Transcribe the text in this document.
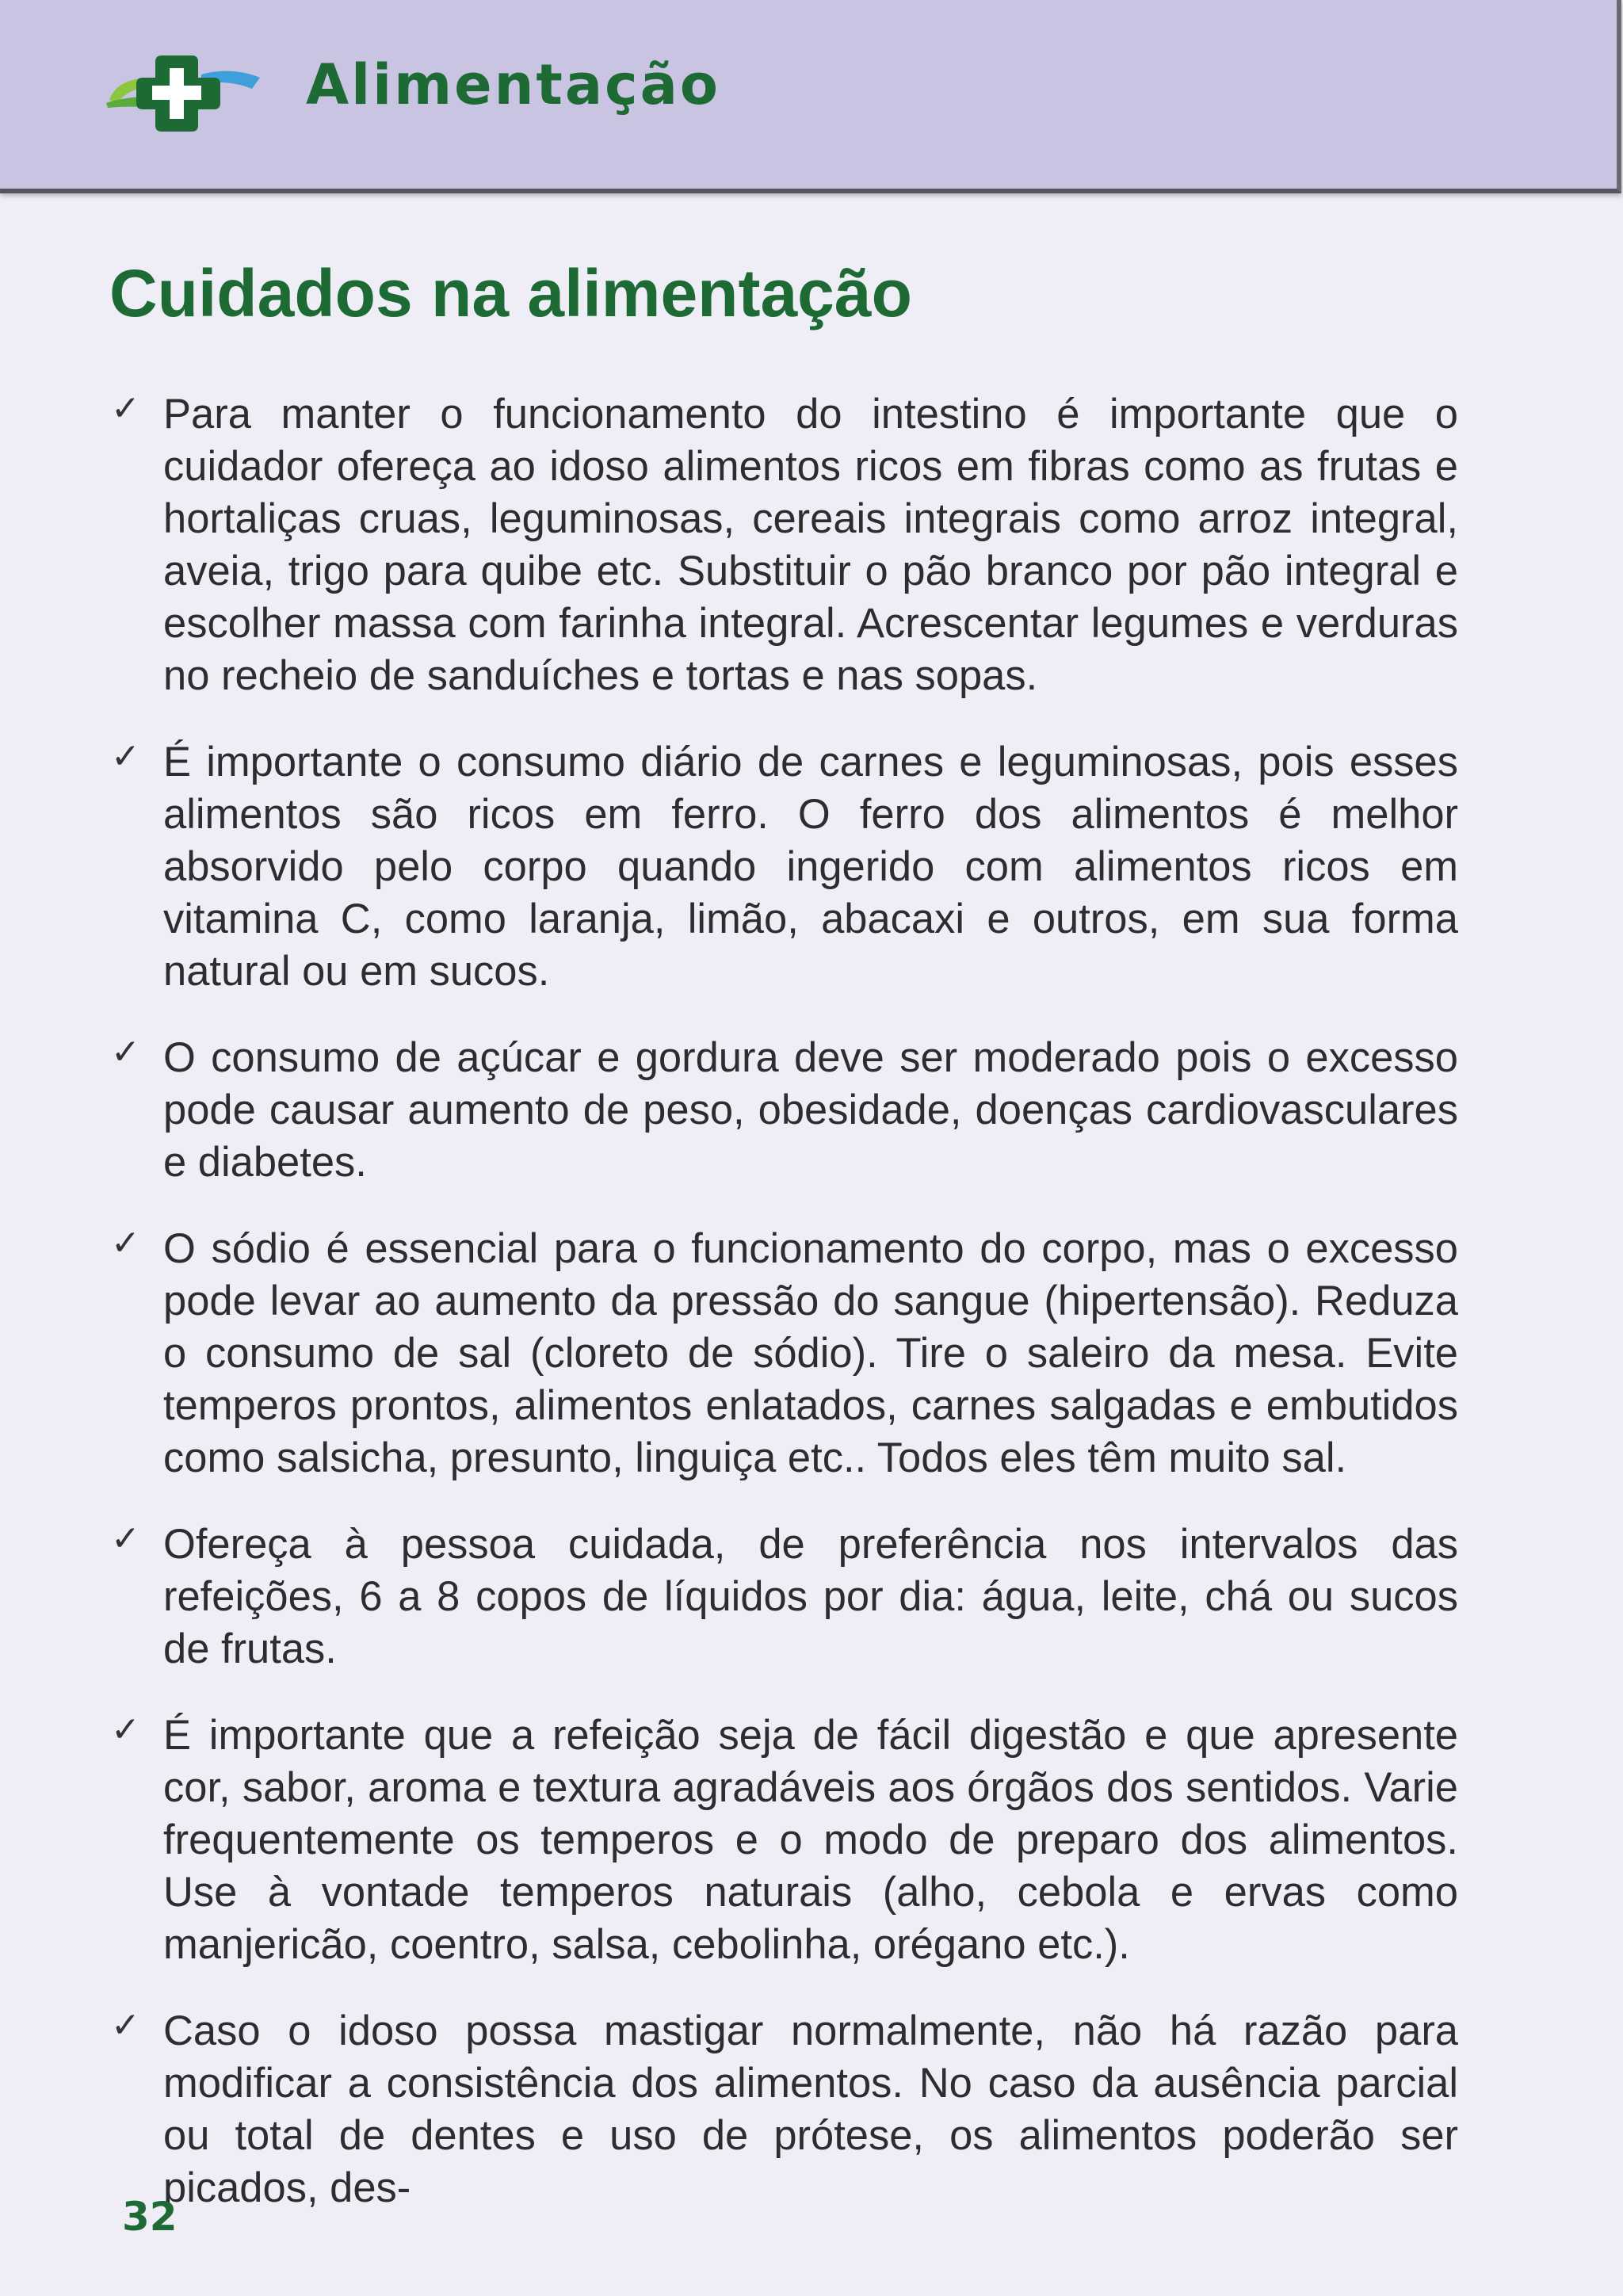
Alimentação
Cuidados na alimentação
✓ Para manter o funcionamento do intestino é importante que o cuidador ofereça ao idoso alimentos ricos em fibras como as frutas e hortaliças cruas, leguminosas, cereais integrais como arroz integral, aveia, trigo para quibe etc. Substituir o pão branco por pão integral e escolher massa com farinha integral. Acrescentar legumes e verduras no recheio de sanduíches e tortas e nas sopas.
✓ É importante o consumo diário de carnes e leguminosas, pois esses alimentos são ricos em ferro. O ferro dos alimentos é melhor absorvido pelo corpo quando ingerido com alimentos ricos em vitamina C, como laranja, limão, abacaxi e outros, em sua forma natural ou em sucos.
✓ O consumo de açúcar e gordura deve ser moderado pois o excesso pode causar aumento de peso, obesidade, doenças cardiovasculares e diabetes.
✓ O sódio é essencial para o funcionamento do corpo, mas o excesso pode levar ao aumento da pressão do sangue (hipertensão). Reduza o consumo de sal (cloreto de sódio). Tire o saleiro da mesa. Evite temperos prontos, alimentos enlatados, carnes salgadas e embutidos como salsicha, presunto, linguiça etc.. Todos eles têm muito sal.
✓ Ofereça à pessoa cuidada, de preferência nos intervalos das refeições, 6 a 8 copos de líquidos por dia: água, leite, chá ou sucos de frutas.
✓ É importante que a refeição seja de fácil digestão e que apresente cor, sabor, aroma e textura agradáveis aos órgãos dos sentidos. Varie frequentemente os temperos e o modo de preparo dos alimentos. Use à vontade temperos naturais (alho, cebola e ervas como manjericão, coentro, salsa, cebolinha, orégano etc.).
✓ Caso o idoso possa mastigar normalmente, não há razão para modificar a consistência dos alimentos. No caso da ausência parcial ou total de dentes e uso de prótese, os alimentos poderão ser picados, des-
32
